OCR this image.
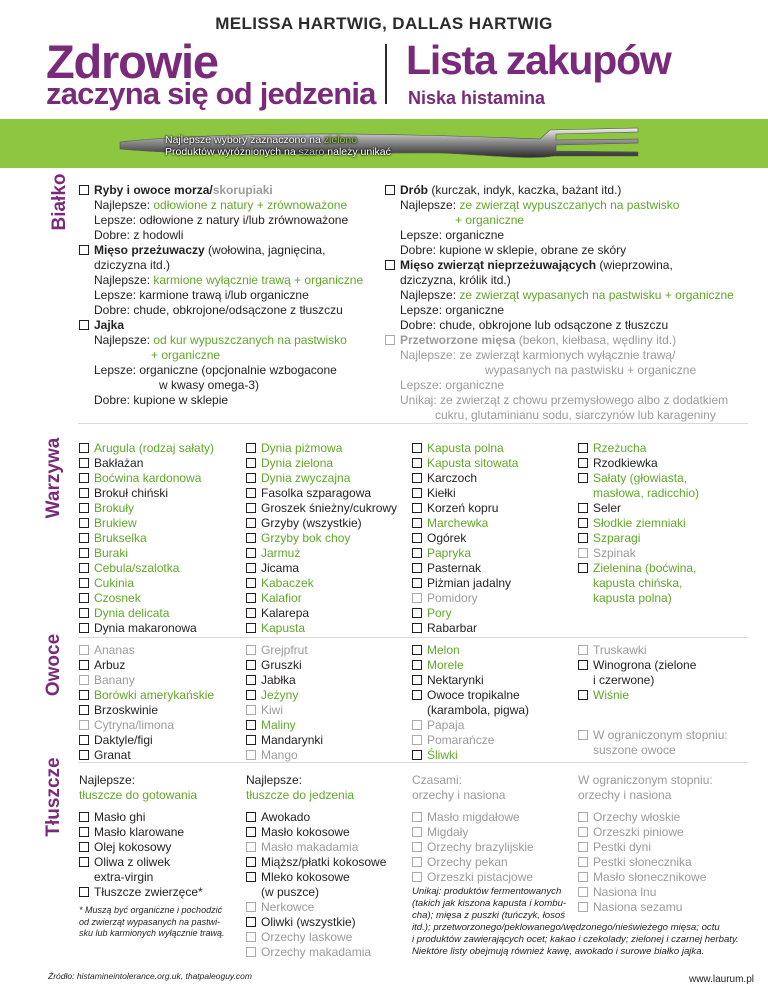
MELISSA HARTWIG, DALLAS HARTWIG
Zdrowie
zaczyna się od jedzenia
Lista zakupów
Niska histamina
Najlepsze wybory zaznaczono na zielono
Produktów wyróżnionych na szaro należy unikać
Białko
Warzywa
Owoce
Tłuszcze
Ryby i owoce morza/skorupiaki
Najlepsze: odłowione z natury + zrównoważone
Lepsze: odłowione z natury i/lub zrównoważone
Dobre: z hodowli
Mięso przeżuwaczy (wołowina, jagnięcina,
dziczyzna itd.)
Najlepsze: karmione wyłącznie trawą + organiczne
Lepsze: karmione trawą i/lub organiczne
Dobre: chude, obkrojone/odsączone z tłuszczu
Jajka
Najlepsze: od kur wypuszczanych na pastwisko
+ organiczne
Lepsze: organiczne (opcjonalnie wzbogacone
w kwasy omega-3)
Dobre: kupione w sklepie
Drób (kurczak, indyk, kaczka, bażant itd.)
Najlepsze: ze zwierząt wypuszczanych na pastwisko
+ organiczne
Lepsze: organiczne
Dobre: kupione w sklepie, obrane ze skóry
Mięso zwierząt nieprzeżuwających (wieprzowina,
dziczyzna, królik itd.)
Najlepsze: ze zwierząt wypasanych na pastwisku + organiczne
Lepsze: organiczne
Dobre: chude, obkrojone lub odsączone z tłuszczu
Przetworzone mięsa (bekon, kiełbasa, wędliny itd.)
Najlepsze: ze zwierząt karmionych wyłącznie trawą/
wypasanych na pastwisku + organiczne
Lepsze: organiczne
Unikaj: ze zwierząt z chowu przemysłowego albo z dodatkiem
cukru, glutaminianu sodu, siarczynów lub karageniny
Arugula (rodzaj sałaty)
Bakłażan
Boćwina kardonowa
Brokuł chiński
Brokuły
Brukiew
Brukselka
Buraki
Cebula/szalotka
Cukinia
Czosnek
Dynia delicata
Dynia makaronowa
Dynia piżmowa
Dynia zielona
Dynia zwyczajna
Fasolka szparagowa
Groszek śnieżny/cukrowy
Grzyby (wszystkie)
Grzyby bok choy
Jarmuż
Jicama
Kabaczek
Kalafior
Kalarepa
Kapusta
Kapusta polna
Kapusta sitowata
Karczoch
Kiełki
Korzeń kopru
Marchewka
Ogórek
Papryka
Pasternak
Piżmian jadalny
Pomidory
Pory
Rabarbar
Rzeżucha
Rzodkiewka
Sałaty (głowiasta,
masłowa, radicchio)
Seler
Słodkie ziemniaki
Szparagi
Szpinak
Zielenina (boćwina,
kapusta chińska,
kapusta polna)
Ananas
Arbuz
Banany
Borówki amerykańskie
Brzoskwinie
Cytryna/limona
Daktyle/figi
Granat
Grejpfrut
Gruszki
Jabłka
Jeżyny
Kiwi
Maliny
Mandarynki
Mango
Melon
Morele
Nektarynki
Owoce tropikalne
(karambola, pigwa)
Papaja
Pomarańcze
Śliwki
Truskawki
Winogrona (zielone
i czerwone)
Wiśnie
W ograniczonym stopniu:
suszone owoce
Najlepsze:
tłuszcze do gotowania
Najlepsze:
tłuszcze do jedzenia
Czasami:
orzechy i nasiona
W ograniczonym stopniu:
orzechy i nasiona
Masło ghi
Masło klarowane
Olej kokosowy
Oliwa z oliwek
extra-virgin
Tłuszcze zwierzęce*
Awokado
Masło kokosowe
Masło makadamia
Miąższ/płatki kokosowe
Mleko kokosowe
(w puszce)
Nerkowce
Oliwki (wszystkie)
Orzechy laskowe
Orzechy makadamia
Masło migdałowe
Migdały
Orzechy brazylijskie
Orzechy pekan
Orzeszki pistacjowe
Orzechy włoskie
Orzeszki piniowe
Pestki dyni
Pestki słonecznika
Masło słonecznikowe
Nasiona lnu
Nasiona sezamu
* Muszą być organiczne i pochodzić
od zwierząt wypasanych na pastwi-
sku lub karmionych wyłącznie trawą.
Unikaj: produktów fermentowanych
(takich jak kiszona kapusta i kombu-
cha); mięsa z puszki (tuńczyk, łosoś
itd.); przetworzonego/peklowanego/wędzonego/nieświeżego mięsa; octu
i produktów zawierających ocet; kakao i czekolady; zielonej i czarnej herbaty.
Niektóre listy obejmują również kawę, awokado i surowe białko jajka.
Źródło: histamineintolerance.org.uk, thatpaleoguy.com	www.laurum.pl
